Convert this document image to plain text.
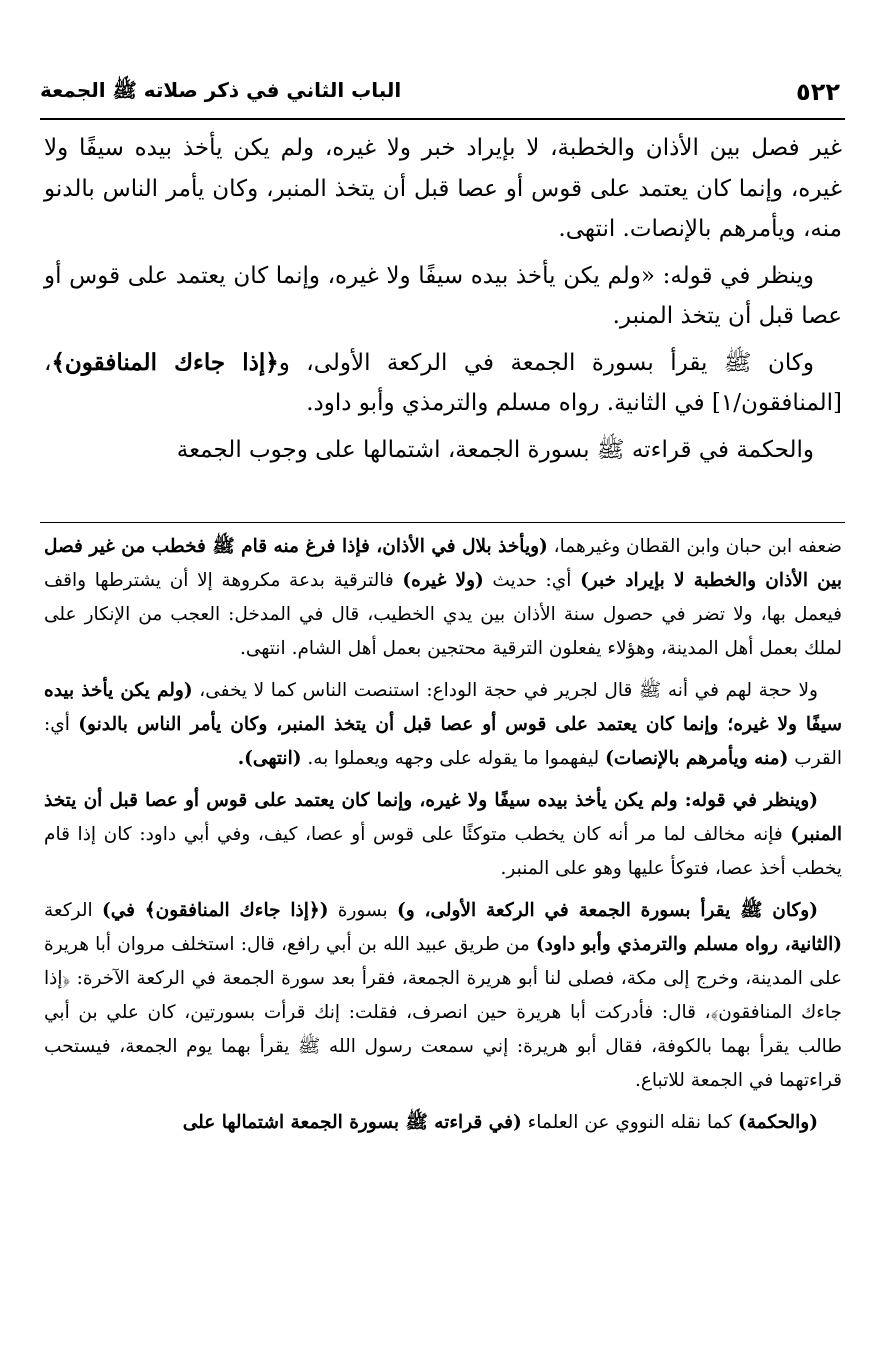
٥٢٢
الباب الثاني في ذكر صلاته ﷺ الجمعة

غير فصل بين الأذان والخطبة، لا بإيراد خبر ولا غيره، ولم يكن يأخذ بيده سيفًا ولا غيره، وإنما كان يعتمد على قوس أو عصا قبل أن يتخذ المنبر، وكان يأمر الناس بالدنو منه، ويأمرهم بالإنصات. انتهى.

وينظر في قوله: «ولم يكن يأخذ بيده سيفًا ولا غيره، وإنما كان يعتمد على قوس أو عصا قبل أن يتخذ المنبر.

وكان ﷺ يقرأ بسورة الجمعة في الركعة الأولى، و﴿إذا جاءك المنافقون﴾، [المنافقون/١] في الثانية. رواه مسلم والترمذي وأبو داود.

والحكمة في قراءته ﷺ بسورة الجمعة، اشتمالها على وجوب الجمعة

ضعفه ابن حبان وابن القطان وغيرهما، (ويأخذ بلال في الأذان، فإذا فرغ منه قام ﷺ فخطب من غير فصل بين الأذان والخطبة لا بإيراد خبر) أي: حديث (ولا غيره) فالترقية بدعة مكروهة إلا أن يشترطها واقف فيعمل بها، ولا تضر في حصول سنة الأذان بين يدي الخطيب، قال في المدخل: العجب من الإنكار على لملك بعمل أهل المدينة، وهؤلاء يفعلون الترقية محتجين بعمل أهل الشام. انتهى.

ولا حجة لهم في أنه ﷺ قال لجرير في حجة الوداع: استنصت الناس كما لا يخفى، (ولم يكن يأخذ بيده سيفًا ولا غيره؛ وإنما كان يعتمد على قوس أو عصا قبل أن يتخذ المنبر، وكان يأمر الناس بالدنو) أي: القرب (منه ويأمرهم بالإنصات) ليفهموا ما يقوله على وجهه ويعملوا به. (انتهى).

(وينظر في قوله: ولم يكن يأخذ بيده سيفًا ولا غيره، وإنما كان يعتمد على قوس أو عصا قبل أن يتخذ المنبر) فإنه مخالف لما مر أنه كان يخطب متوكئًا على قوس أو عصا، كيف، وفي أبي داود: كان إذا قام يخطب أخذ عصا، فتوكأ عليها وهو على المنبر.

(وكان ﷺ يقرأ بسورة الجمعة في الركعة الأولى، و) بسورة (﴿إذا جاءك المنافقون﴾ في) الركعة (الثانية، رواه مسلم والترمذي وأبو داود) من طريق عبيد الله بن أبي رافع، قال: استخلف مروان أبا هريرة على المدينة، وخرج إلى مكة، فصلى لنا أبو هريرة الجمعة، فقرأ بعد سورة الجمعة في الركعة الآخرة: ﴿إذا جاءك المنافقون﴾، قال: فأدركت أبا هريرة حين انصرف، فقلت: إنك قرأت بسورتين، كان علي بن أبي طالب يقرأ بهما بالكوفة، فقال أبو هريرة: إني سمعت رسول الله ﷺ يقرأ بهما يوم الجمعة، فيستحب قراءتهما في الجمعة للاتباع.

(والحكمة) كما نقله النووي عن العلماء (في قراءته ﷺ بسورة الجمعة اشتمالها على
